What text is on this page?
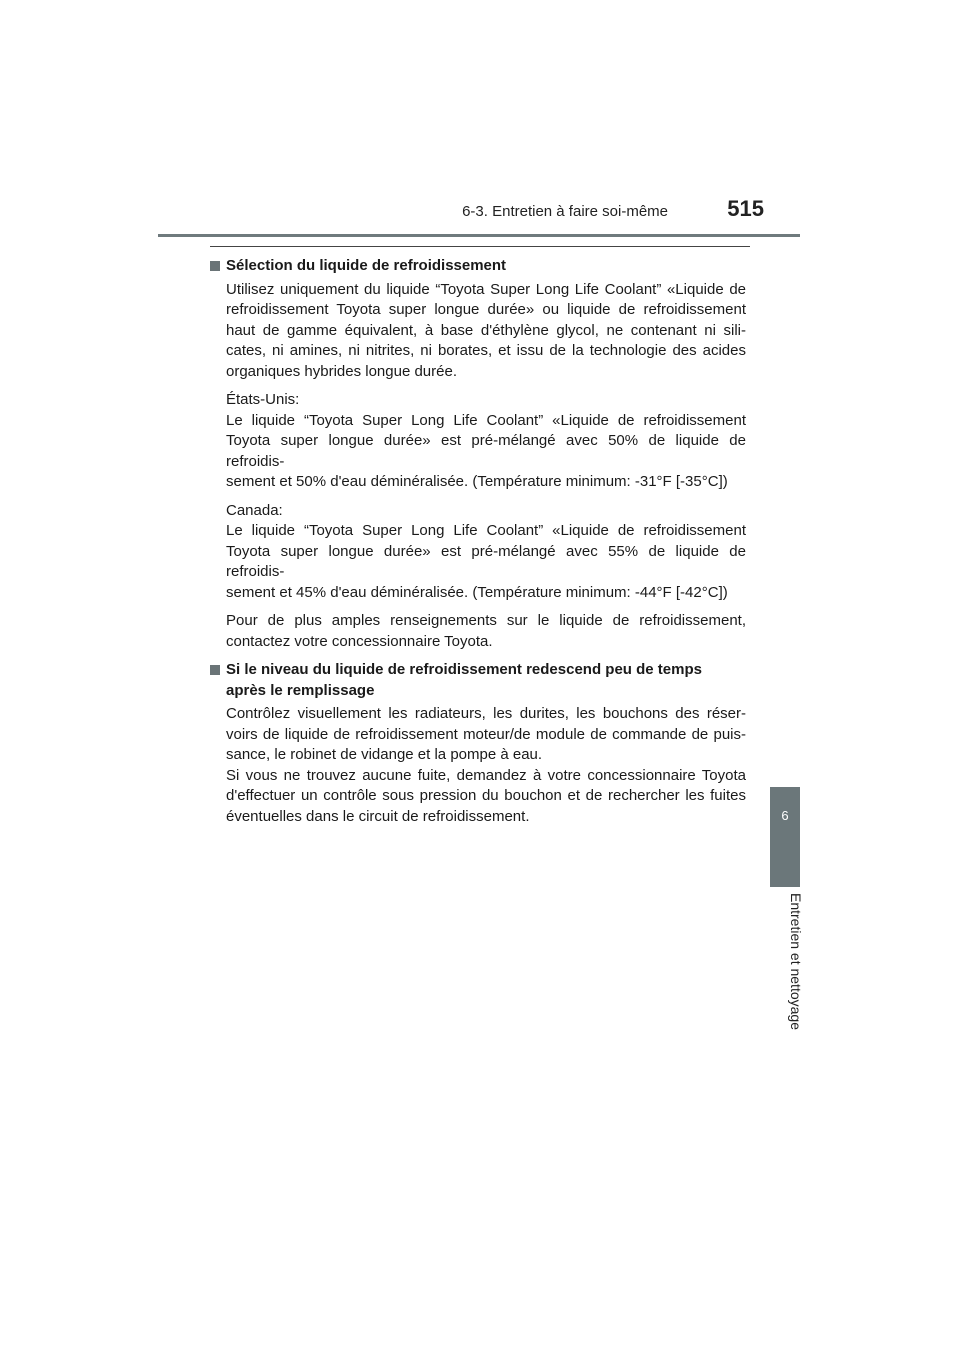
6-3. Entretien à faire soi-même	515
6
Entretien et nettoyage
Sélection du liquide de refroidissement
Utilisez uniquement du liquide “Toyota Super Long Life Coolant” «Liquide de
refroidissement Toyota super longue durée» ou liquide de refroidissement
haut de gamme équivalent, à base d'éthylène glycol, ne contenant ni sili-
cates, ni amines, ni nitrites, ni borates, et issu de la technologie des acides
organiques hybrides longue durée.
États-Unis:
Le liquide “Toyota Super Long Life Coolant” «Liquide de refroidissement
Toyota super longue durée» est pré-mélangé avec 50% de liquide de refroidis-
sement et 50% d'eau déminéralisée. (Température minimum: -31°F [-35°C])
Canada:
Le liquide “Toyota Super Long Life Coolant” «Liquide de refroidissement
Toyota super longue durée» est pré-mélangé avec 55% de liquide de refroidis-
sement et 45% d'eau déminéralisée. (Température minimum: -44°F [-42°C])
Pour de plus amples renseignements sur le liquide de refroidissement,
contactez votre concessionnaire Toyota.
Si le niveau du liquide de refroidissement redescend peu de temps après le remplissage
Contrôlez visuellement les radiateurs, les durites, les bouchons des réser-
voirs de liquide de refroidissement moteur/de module de commande de puis-
sance, le robinet de vidange et la pompe à eau.
Si vous ne trouvez aucune fuite, demandez à votre concessionnaire Toyota
d'effectuer un contrôle sous pression du bouchon et de rechercher les fuites
éventuelles dans le circuit de refroidissement.
